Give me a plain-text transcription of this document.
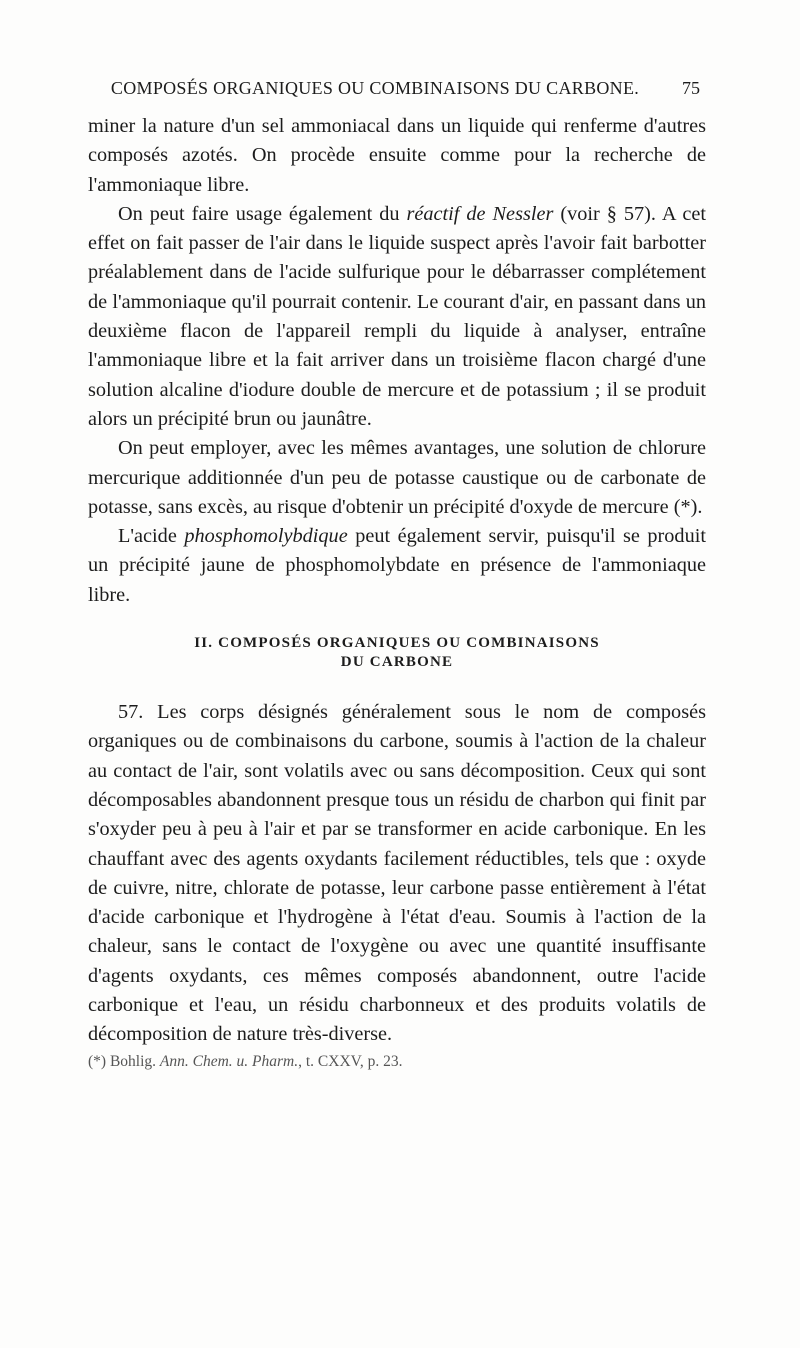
COMPOSÉS ORGANIQUES OU COMBINAISONS DU CARBONE. 75

miner la nature d'un sel ammoniacal dans un liquide qui renferme d'autres composés azotés. On procède ensuite comme pour la recherche de l'ammoniaque libre.

On peut faire usage également du réactif de Nessler (voir § 57). A cet effet on fait passer de l'air dans le liquide suspect après l'avoir fait barbotter préalablement dans de l'acide sulfurique pour le débarrasser complétement de l'ammoniaque qu'il pourrait contenir. Le courant d'air, en passant dans un deuxième flacon de l'appareil rempli du liquide à analyser, entraîne l'ammoniaque libre et la fait arriver dans un troisième flacon chargé d'une solution alcaline d'iodure double de mercure et de potassium ; il se produit alors un précipité brun ou jaunâtre.

On peut employer, avec les mêmes avantages, une solution de chlorure mercurique additionnée d'un peu de potasse caustique ou de carbonate de potasse, sans excès, au risque d'obtenir un précipité d'oxyde de mercure (*).

L'acide phosphomolybdique peut également servir, puisqu'il se produit un précipité jaune de phosphomolybdate en présence de l'ammoniaque libre.

II. COMPOSÉS ORGANIQUES OU COMBINAISONS
DU CARBONE

57. Les corps désignés généralement sous le nom de composés organiques ou de combinaisons du carbone, soumis à l'action de la chaleur au contact de l'air, sont volatils avec ou sans décomposition. Ceux qui sont décomposables abandonnent presque tous un résidu de charbon qui finit par s'oxyder peu à peu à l'air et par se transformer en acide carbonique. En les chauffant avec des agents oxydants facilement réductibles, tels que : oxyde de cuivre, nitre, chlorate de potasse, leur carbone passe entièrement à l'état d'acide carbonique et l'hydrogène à l'état d'eau. Soumis à l'action de la chaleur, sans le contact de l'oxygène ou avec une quantité insuffisante d'agents oxydants, ces mêmes composés abandonnent, outre l'acide carbonique et l'eau, un résidu charbonneux et des produits volatils de décomposition de nature très-diverse.

(*) Bohlig. Ann. Chem. u. Pharm., t. CXXV, p. 23.
